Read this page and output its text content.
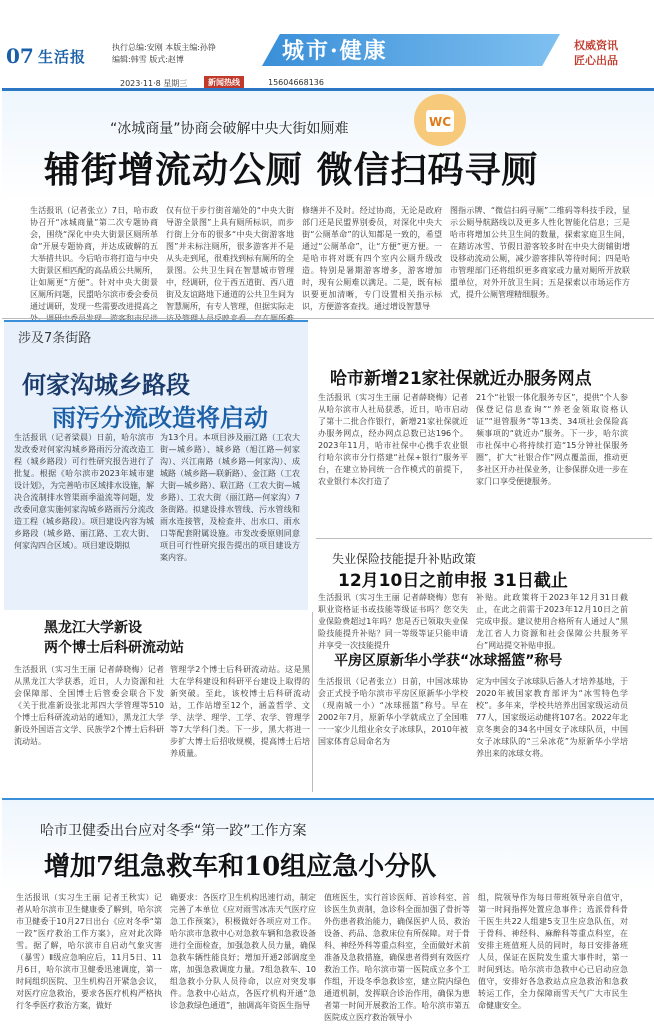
07 生活报
执行总编:安刚 本版主编:孙铮
编辑:韩雪 版式:赵博	城市·健康	权威资讯
匠心出品
2023·11·8 星期三	新闻热线	15604668136
WC
“冰城商量”协商会破解中央大街如厕难
辅街增流动公厕 微信扫码寻厕
生活报讯（记者张立）7日，哈市政协召开“冰城商量”第二次专题协商会，围绕“深化中央大街景区厕所革命”开展专题协商，并达成破解的五大举措共识。今后哈市将打造与中央大街景区相匹配的高品质公共厕所，让如厕更“方便”。针对中央大街景区厕所问题，民盟哈尔滨市委会委员通过调研，发现一些需要改进提高之
仅有位于步行街首端处的“中央大街导游全景图”上具有厕所标识，而步行街上分布的很多“中央大街游客地图”并未标注厕所，很多游客并不是从头走到尾，很难找到标有厕所的全景图。公共卫生间在智慧城市管理中，经调研，位于西五道街、西八道街及友谊路地下通道的公共卫生间为智慧厕所，有专人管理，但据实际走
修缮并不及时。经过协商，无论是政府部门还是民盟界别委员，对深化中央大街“公厕革命”的认知都是一致的，希望通过“公厕革命”，让“方便”更方便。一是哈市将对既有四个室内公厕升级改造。特别是暑期游客增多，游客增加时，现有公厕难以满足。二是，既有标识要更加清晰，专门设置相关指示标识，方便游客查找。通过增设智慧导
图指示牌、“微信扫码寻厕”二维码等科技手段，显示公厕导航路线以及更多人性化智能化信息；三是哈市将增加公共卫生间的数量，探索家庭卫生间，在踏访冰雪、节假日游客较多时在中央大街辅街增设移动流动公厕，减少游客排队等待时间；四是哈市管理部门还将组织更多商家或力量对厕所开放联盟单位，对外开放卫生间；五是探索以市场运作方式，提升公厕管理精细服务。
涉及7条街路
何家沟城乡路段
雨污分流改造将启动
生活报讯（记者梁晨）日前，哈尔滨市发改委对何家沟城乡路雨污分流改造工程（城乡路段）可行性研究报告进行了批复。根据《哈尔滨市2023年城市建设计划》，为完善哈市区域排水设施，解决合流制排水管渠雨季溢流等问题，发改委同意实施何家沟城乡路雨污分流改造工程（城乡路段）。项目建设内容为城乡路段（城乡路、丽江路、工农大街、何家沟四合区域）。项目建设期拟
为13个月。本项目涉及丽江路（工农大街—城乡路）、城乡路（旭江路—何家沟）、兴江南路（城乡路—何家沟）、成城路（城乡路—联新路）、金江路（工农大街—城乡路）、联江路（工农大街—城乡路）、工农大街（丽江路—何家沟）7条街路。拟建设排水管线、污水管线和雨水连接管，及检查井、出水口、雨水口等配套附属设施。市发改委原则同意项目可行性研究报告提出的项目建设方案内容。
哈市新增21家社保就近办服务网点
生活报讯（实习生王丽 记者薛晓梅）记者从哈尔滨市人社局获悉，近日，哈市启动了第十二批合作银行，新增21家社保就近办服务网点，经办网点总数已达196个。2023年11月，哈市社保中心携手农业银行哈尔滨市分行搭建“社保+银行”服务平台，在建立协同统一合作模式的前提下，农业银行本次打造了
21个“社银一体化服务专区”，提供“个人参保登记信息查询”“养老金领取资格认证”“退管服务”等13类、34项社会保险高频事项的“就近办”服务。下一步，哈尔滨市社保中心将持续打造“15分钟社保服务圈”，扩大“社银合作”网点覆盖面，推动更多社区开办社保业务，让参保群众进一步在家门口享受便捷服务。
失业保险技能提升补贴政策
12月10日之前申报 31日截止
生活报讯（实习生王丽 记者薛晓梅）您有职业资格证书或技能等级证书吗？您交失业保险费超过1年吗？您是否已领取失业保险技能提升补贴？同一等级等证只能申请并享受一次技能提升
补贴。此政策将于2023年12月31日截止，在此之前需于2023年12月10日之前完成申报。建议使用合格所有人通过人“黑龙江省人力资源和社会保障公共服务平台”网站提交补贴申报。
黑龙江大学新设
两个博士后科研流动站
生活报讯（实习生王丽 记者薛晓梅）记者从黑龙江大学获悉，近日，人力资源和社会保障部、全国博士后管委会联合下发《关于批准新设张北邦四大学管理等510个博士后科研流动站的通知》，黑龙江大学新设外国语言文学、民族学2个博士后科研流动站。
管理学2个博士后科研流动站。这是黑大在学科建设和科研平台建设上取得的新突破。至此，该校博士后科研流动站，工作站增至12个，涵盖哲学、文学、法学、理学、工学、农学、管理学等7大学科门类。下一步，黑大将进一步扩大博士后招收规模，提高博士后培养质量。
平房区原新华小学获“冰球摇篮”称号
生活报讯（记者张立）日前，中国冰球协会正式授予哈尔滨市平房区原新华小学校（现南城一小）“冰球摇篮”称号。早在2002年7月，原新华小学就成立了全国唯一一家少儿组业余女子冰球队，2010年被国家体育总局命名为
定为中国女子冰球队后备人才培养基地，于2020年被国家教育部评为“冰雪特色学校”。多年来，学校共培养出国家级运动员77人，国家级运动健将107名。2022年北京冬奥会的34名中国女子冰球队员，中国女子冰球队的“三朵冰花”为原新华小学培养出来的冰球女将。
哈市卫健委出台应对冬季“第一跤”工作方案
增加7组急救车和10组应急小分队
生活报讯（实习生王丽 记者王秋实）记者从哈尔滨市卫生健康委了解到，哈尔滨市卫健委于10月27日出台《应对冬季“第一跤”医疗救治工作方案》，应对此次降雪。据了解，哈尔滨市自启动气象灾害（暴雪）Ⅱ级应急响应后，11月5日、11月6日，哈尔滨市卫健委迅速调度，第一时间组织医院、卫生机构召开紧急会议，对医疗应急救治，要求各医疗机构严格执行冬季医疗救治方案，做好
确要求：各医疗卫生机构迅速行动，制定完善了本单位《应对雨雪冰冻天气医疗应急工作预案》，积极做好各项应对工作。哈尔滨市急救中心对急救车辆和急救设备进行全面检查，加强急救人员力量，确保急救车辆性能良好；增加开通2部调度坐席，加强急救调度力量。7组急救车、10组急救小分队人员待命，以应对突发事件。急救中心站点，各医疗机构开通“急诊急救绿色通道”，抽调高年资医生指导
值班医生，实行首诊医师、首诊科室、首诊医生负责制，急诊科全面加强了骨折等外伤患者救治能力，确保医护人员、救治设备、药品、急救床位有所保障。对于骨科、神经外科等重点科室，全面做好术前准备及急救措施，确保患者得到有效医疗救治工作。哈尔滨市第一医院成立多个工作组，开设冬季急救诊室，建立院内绿色通道机制，发挥联合诊治作用，确保为患者第一时间开展救治工作。哈尔滨市第五医院成立医疗救治领导小
组，院领导作为每日带班领导亲自值守，第一时间指挥处置应急事件；选派骨科骨干医生共22人组建5支卫生应急队伍，对于骨科、神经科、麻醉科等重点科室，在安排主班值班人员的同时，每日安排备班人员，保证在医院发生重大事件时，第一时间到达。哈尔滨市急救中心已启动应急值守，安排好各急救站点应急救治和急救转运工作，全力保障雨雪天气广大市民生命健康安全。
